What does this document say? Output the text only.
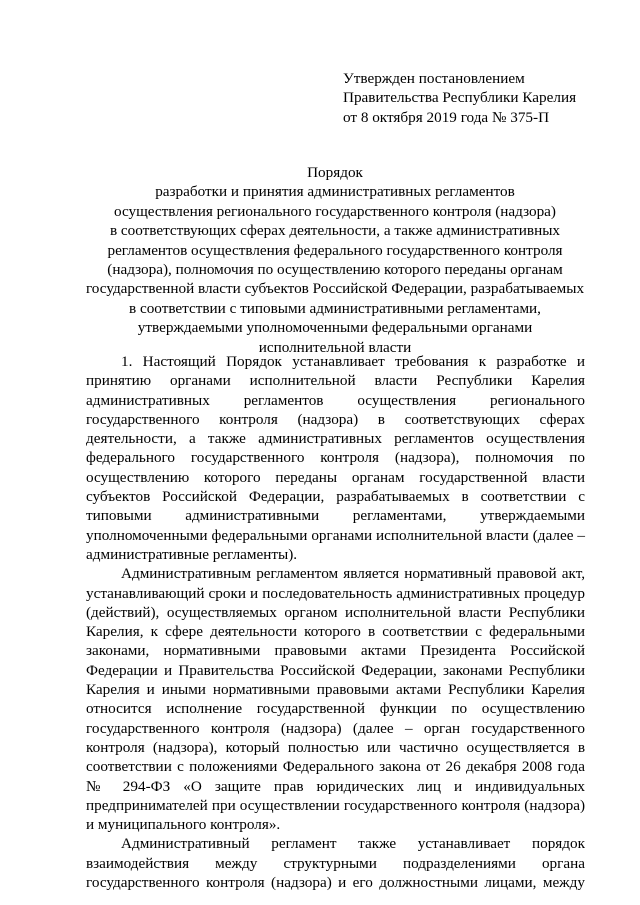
Утвержден постановлением
Правительства Республики Карелия
от 8 октября 2019 года № 375-П
Порядок
разработки и принятия административных регламентов
осуществления регионального государственного контроля (надзора)
в соответствующих сферах деятельности, а также административных
регламентов осуществления федерального государственного контроля
(надзора), полномочия по осуществлению которого переданы органам
государственной власти субъектов Российской Федерации, разрабатываемых
в соответствии с типовыми административными регламентами,
утверждаемыми уполномоченными федеральными органами
исполнительной власти
1. Настоящий Порядок устанавливает требования к разработке и
принятию органами исполнительной власти Республики Карелия
административных регламентов осуществления регионального
государственного контроля (надзора) в соответствующих сферах
деятельности, а также административных регламентов осуществления
федерального государственного контроля (надзора), полномочия по
осуществлению которого переданы органам государственной власти
субъектов Российской Федерации, разрабатываемых в соответствии с
типовыми административными регламентами, утверждаемыми
уполномоченными федеральными органами исполнительной власти (далее –
административные регламенты).
Административным регламентом является нормативный правовой акт,
устанавливающий сроки и последовательность административных процедур
(действий), осуществляемых органом исполнительной власти Республики
Карелия, к сфере деятельности которого в соответствии с федеральными
законами, нормативными правовыми актами Президента Российской
Федерации и Правительства Российской Федерации, законами Республики
Карелия и иными нормативными правовыми актами Республики Карелия
относится исполнение государственной функции по осуществлению
государственного контроля (надзора) (далее – орган государственного
контроля (надзора), который полностью или частично осуществляется в
соответствии с положениями Федерального закона от 26 декабря 2008 года
№ 294-ФЗ «О защите прав юридических лиц и индивидуальных
предпринимателей при осуществлении государственного контроля (надзора)
и муниципального контроля».
Административный регламент также устанавливает порядок
взаимодействия между структурными подразделениями органа
государственного контроля (надзора) и его должностными лицами, между
